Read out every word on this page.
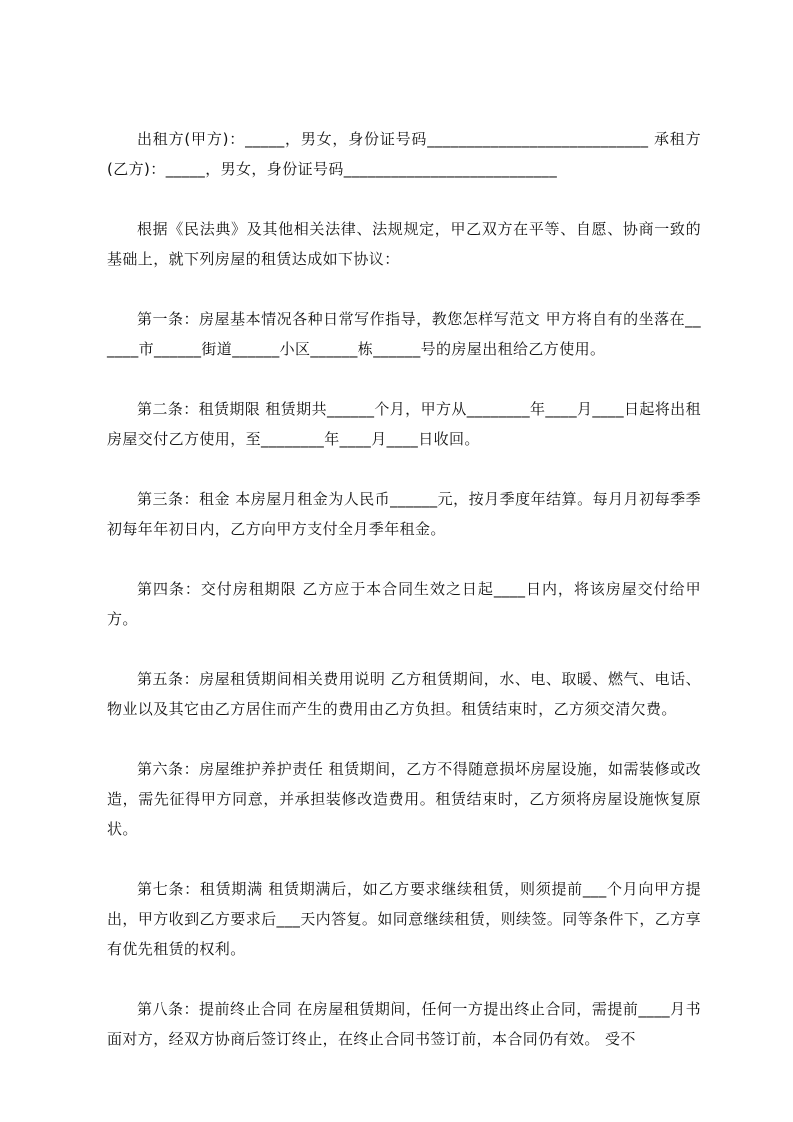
出租方(甲方)：_____，男女，身份证号码____________________________ 承租方(乙方)：_____，男女，身份证号码___________________________

根据《民法典》及其他相关法律、法规规定，甲乙双方在平等、自愿、协商一致的基础上，就下列房屋的租赁达成如下协议：

第一条：房屋基本情况各种日常写作指导，教您怎样写范文 甲方将自有的坐落在______市______街道______小区______栋______号的房屋出租给乙方使用。

第二条：租赁期限 租赁期共______个月，甲方从________年____月____日起将出租房屋交付乙方使用，至________年____月____日收回。

第三条：租金 本房屋月租金为人民币______元，按月季度年结算。每月月初每季季初每年年初日内，乙方向甲方支付全月季年租金。

第四条：交付房租期限 乙方应于本合同生效之日起____日内，将该房屋交付给甲方。

第五条：房屋租赁期间相关费用说明 乙方租赁期间，水、电、取暖、燃气、电话、物业以及其它由乙方居住而产生的费用由乙方负担。租赁结束时，乙方须交清欠费。

第六条：房屋维护养护责任 租赁期间，乙方不得随意损坏房屋设施，如需装修或改造，需先征得甲方同意，并承担装修改造费用。租赁结束时，乙方须将房屋设施恢复原状。

第七条：租赁期满 租赁期满后，如乙方要求继续租赁，则须提前___个月向甲方提出，甲方收到乙方要求后___天内答复。如同意继续租赁，则续签。同等条件下，乙方享有优先租赁的权利。

第八条：提前终止合同 在房屋租赁期间，任何一方提出终止合同，需提前____月书面对方，经双方协商后签订终止，在终止合同书签订前，本合同仍有效。 受不
